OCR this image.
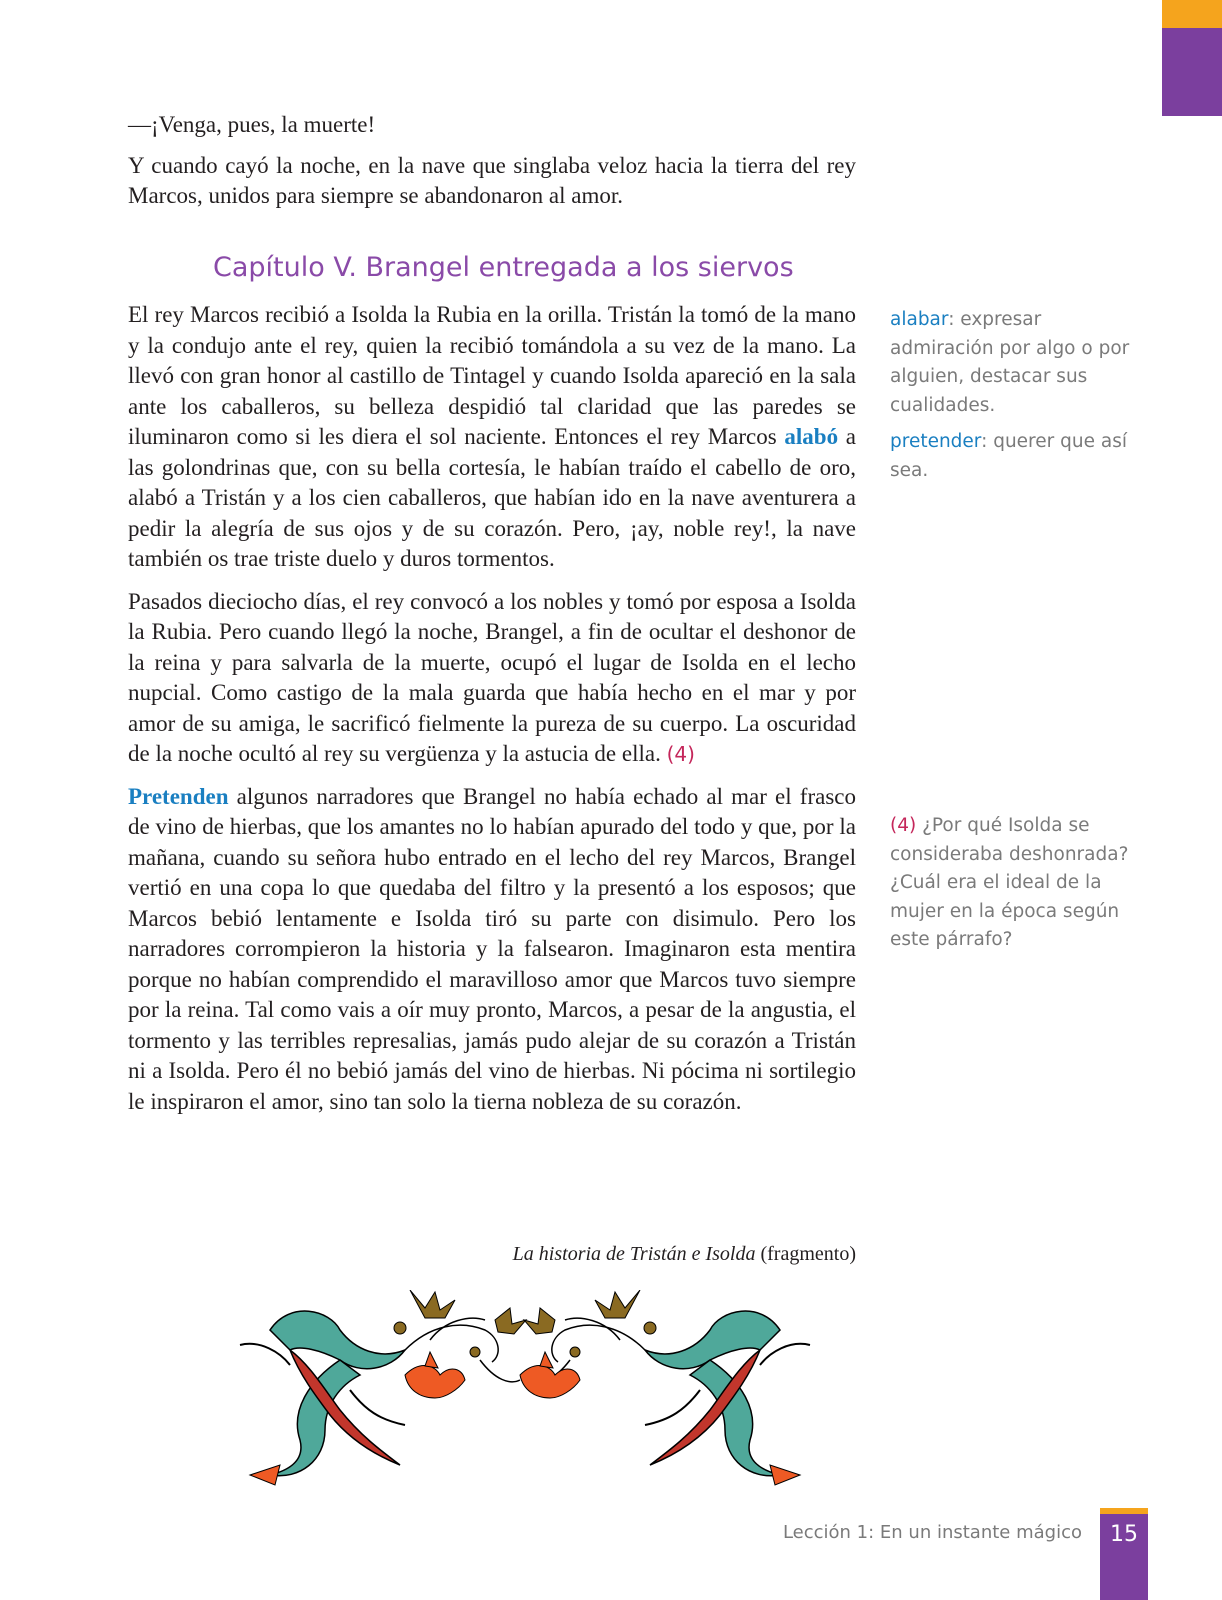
—¡Venga, pues, la muerte!

Y cuando cayó la noche, en la nave que singlaba veloz hacia la tierra del rey Marcos, unidos para siempre se abandonaron al amor.

Capítulo V. Brangel entregada a los siervos

El rey Marcos recibió a Isolda la Rubia en la orilla. Tristán la tomó de la mano y la condujo ante el rey, quien la recibió tomándola a su vez de la mano. La llevó con gran honor al castillo de Tintagel y cuando Isolda apareció en la sala ante los caballeros, su belleza despidió tal claridad que las paredes se iluminaron como si les diera el sol naciente. Entonces el rey Marcos alabó a las golondrinas que, con su bella cortesía, le habían traído el cabello de oro, alabó a Tristán y a los cien caballeros, que habían ido en la nave aventurera a pedir la alegría de sus ojos y de su corazón. Pero, ¡ay, noble rey!, la nave también os trae triste duelo y duros tormentos.

Pasados dieciocho días, el rey convocó a los nobles y tomó por esposa a Isolda la Rubia. Pero cuando llegó la noche, Brangel, a fin de ocultar el deshonor de la reina y para salvarla de la muerte, ocupó el lugar de Isolda en el lecho nupcial. Como castigo de la mala guarda que había hecho en el mar y por amor de su amiga, le sacrificó fielmente la pureza de su cuerpo. La oscuridad de la noche ocultó al rey su vergüenza y la astucia de ella. (4)

Pretenden algunos narradores que Brangel no había echado al mar el frasco de vino de hierbas, que los amantes no lo habían apurado del todo y que, por la mañana, cuando su señora hubo entrado en el lecho del rey Marcos, Brangel vertió en una copa lo que quedaba del filtro y la presentó a los esposos; que Marcos bebió lentamente e Isolda tiró su parte con disimulo. Pero los narradores corrompieron la historia y la falsearon. Imaginaron esta mentira porque no habían comprendido el maravilloso amor que Marcos tuvo siempre por la reina. Tal como vais a oír muy pronto, Marcos, a pesar de la angustia, el tormento y las terribles represalias, jamás pudo alejar de su corazón a Tristán ni a Isolda. Pero él no bebió jamás del vino de hierbas. Ni pócima ni sortilegio le inspiraron el amor, sino tan solo la tierna nobleza de su corazón.

La historia de Tristán e Isolda (fragmento)

alabar: expresar admiración por algo o por alguien, destacar sus cualidades.

pretender: querer que así sea.

(4) ¿Por qué Isolda se consideraba deshonrada? ¿Cuál era el ideal de la mujer en la época según este párrafo?

Lección 1: En un instante mágico	15
